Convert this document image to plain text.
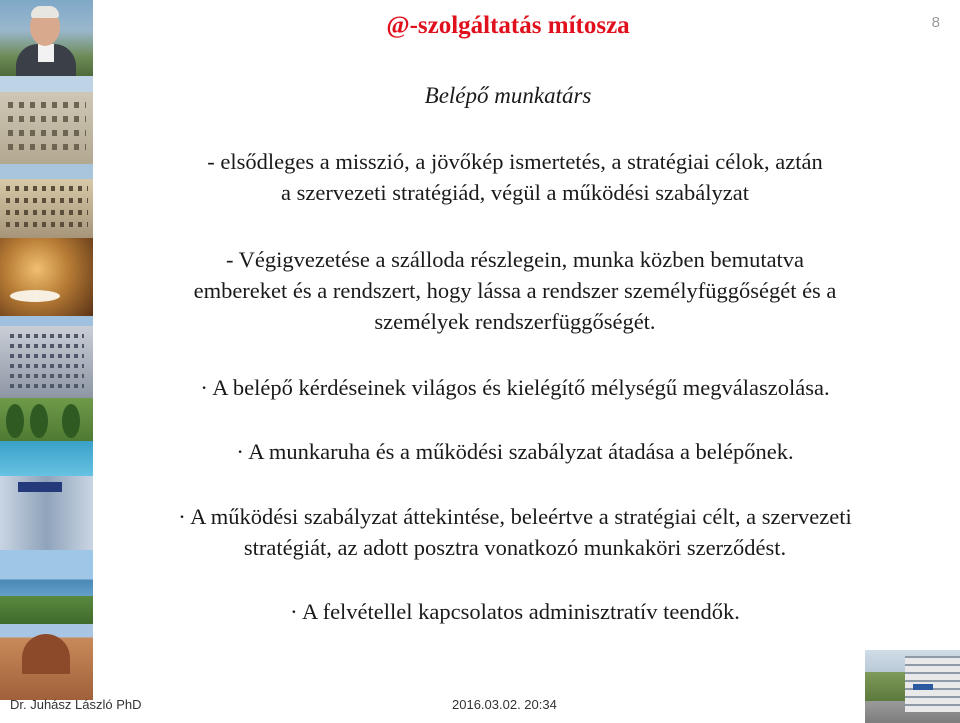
@-szolgáltatás mítosza	8
Belépő munkatárs
- elsődleges a misszió, a jövőkép ismertetés, a stratégiai célok, aztán
a szervezeti stratégiád, végül a működési szabályzat
- Végigvezetése a szálloda részlegein, munka közben bemutatva
embereket és a rendszert, hogy lássa a rendszer személyfüggőségét és a
személyek rendszerfüggőségét.
· A belépő kérdéseinek világos és kielégítő mélységű megválaszolása.
· A munkaruha és a működési szabályzat átadása a belépőnek.
· A működési szabályzat áttekintése, beleértve a stratégiai célt, a szervezeti
stratégiát, az adott posztra vonatkozó munkaköri szerződést.
· A felvétellel kapcsolatos adminisztratív teendők.
Dr. Juhász László PhD	2016.03.02. 20:34
